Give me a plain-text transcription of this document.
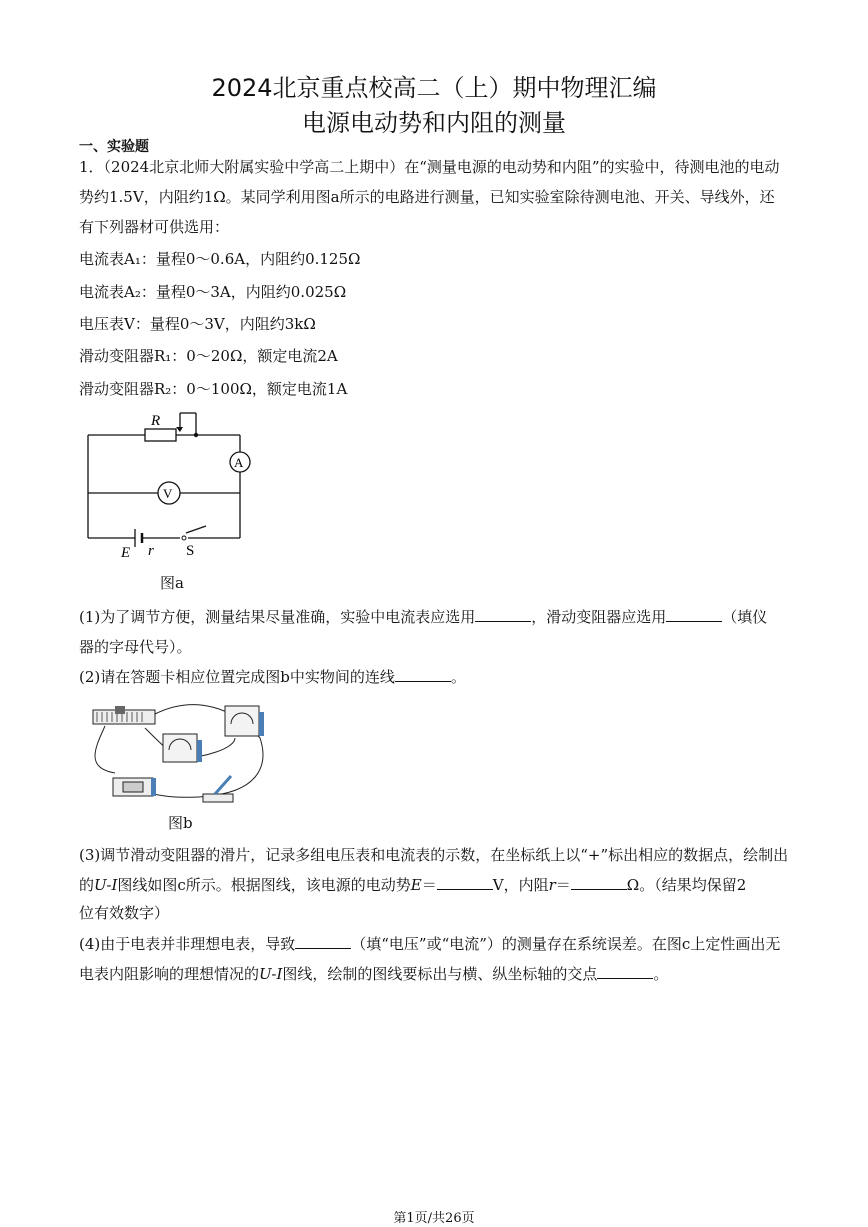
2024北京重点校高二（上）期中物理汇编
电源电动势和内阻的测量
一、实验题
1．（2024北京北师大附属实验中学高二上期中）在“测量电源的电动势和内阻”的实验中，待测电池的电动
势约1.5V，内阻约1Ω。某同学利用图a所示的电路进行测量，已知实验室除待测电池、开关、导线外，还
有下列器材可供选用：
电流表A₁：量程0～0.6A，内阻约0.125Ω
电流表A₂：量程0～3A，内阻约0.025Ω
电压表V：量程0～3V，内阻约3kΩ
滑动变阻器R₁：0～20Ω，额定电流2A
滑动变阻器R₂：0～100Ω，额定电流1A
R
A
V
E r S
图a
(1)为了调节方便，测量结果尽量准确，实验中电流表应选用	，滑动变阻器应选用	（填仪
器的字母代号）。
(2)请在答题卡相应位置完成图b中实物间的连线	。
图b
(3)调节滑动变阻器的滑片，记录多组电压表和电流表的示数，在坐标纸上以“+”标出相应的数据点，绘制出
的U-I图线如图c所示。根据图线，该电源的电动势E＝	V，内阻r＝	Ω。（结果均保留2
位有效数字）
(4)由于电表并非理想电表，导致	（填“电压”或“电流”）的测量存在系统误差。在图c上定性画出无
电表内阻影响的理想情况的U-I图线，绘制的图线要标出与横、纵坐标轴的交点	。
第1页/共26页
